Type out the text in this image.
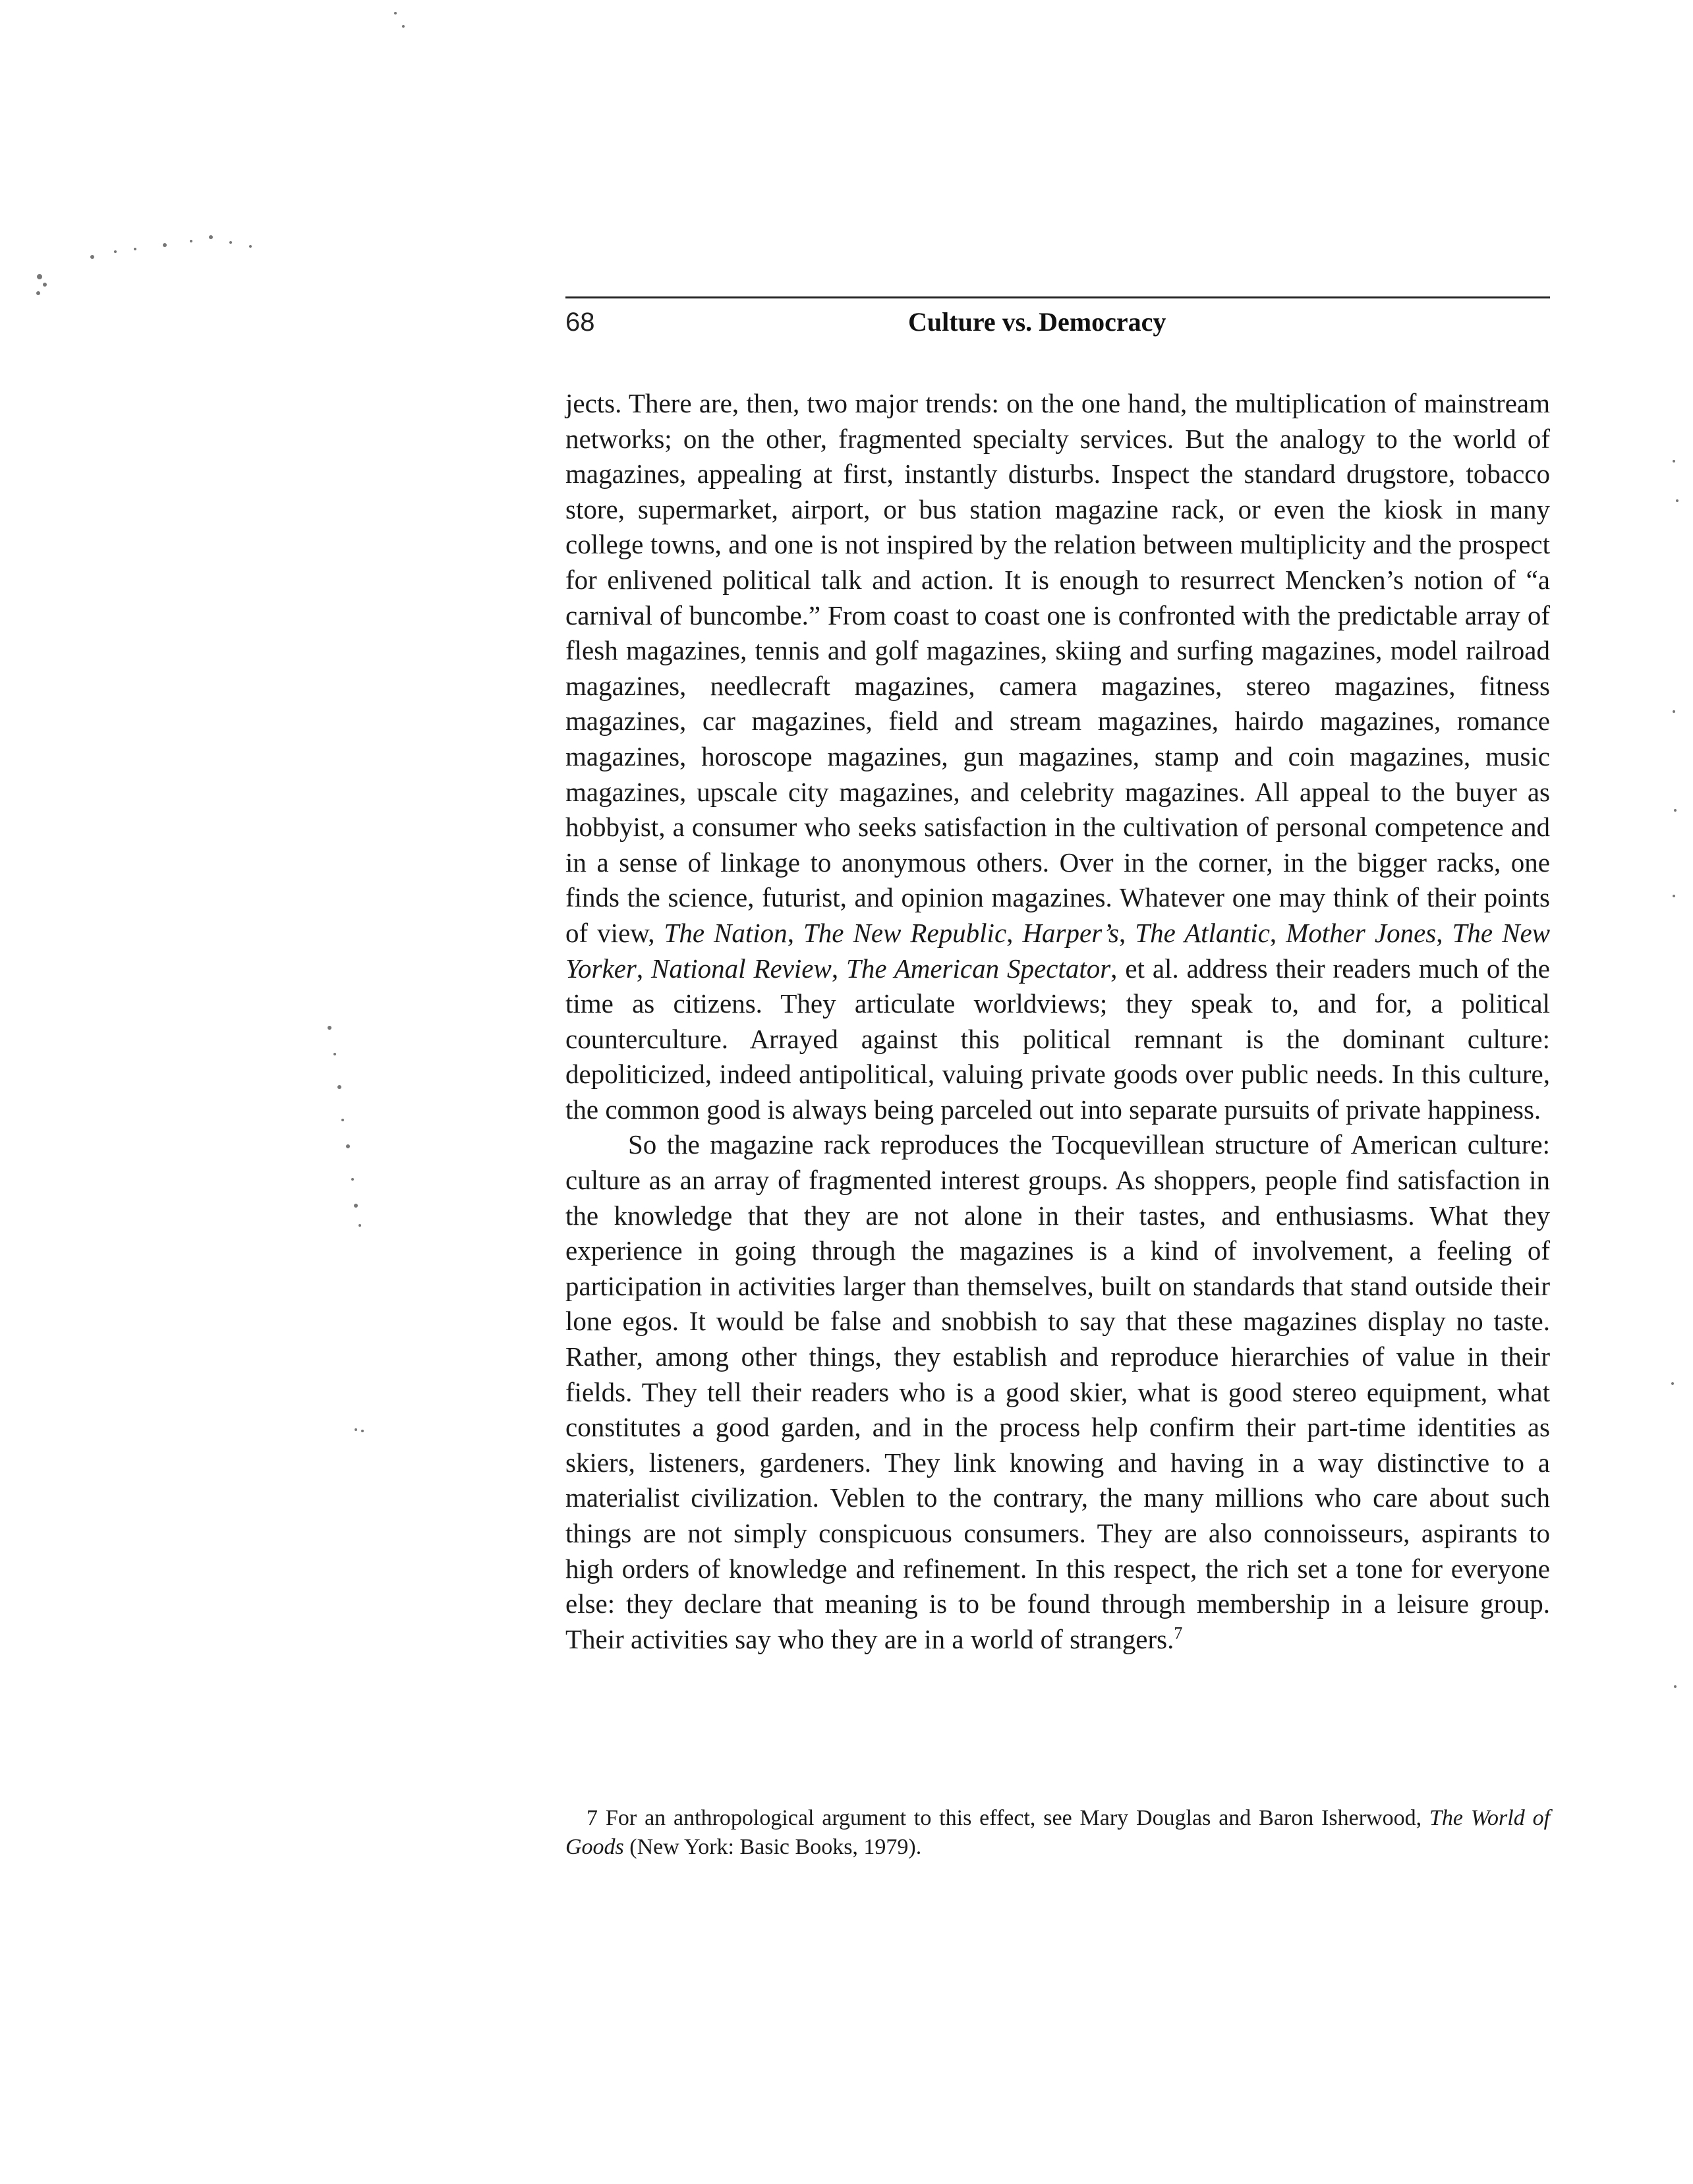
68	Culture vs. Democracy

jects. There are, then, two major trends: on the one hand, the multiplication of mainstream networks; on the other, fragmented specialty services. But the analogy to the world of magazines, appealing at first, instantly disturbs. Inspect the standard drugstore, tobacco store, supermarket, airport, or bus station magazine rack, or even the kiosk in many college towns, and one is not inspired by the relation between multiplicity and the prospect for enlivened political talk and action. It is enough to resurrect Mencken’s notion of “a carnival of buncombe.” From coast to coast one is confronted with the predictable array of flesh magazines, tennis and golf magazines, skiing and surfing magazines, model railroad magazines, needlecraft magazines, camera magazines, stereo magazines, fitness magazines, car magazines, field and stream magazines, hairdo magazines, romance magazines, horoscope magazines, gun magazines, stamp and coin magazines, music magazines, upscale city magazines, and celebrity magazines. All appeal to the buyer as hobbyist, a consumer who seeks satisfaction in the cultivation of personal competence and in a sense of linkage to anonymous others. Over in the corner, in the bigger racks, one finds the science, futurist, and opinion magazines. Whatever one may think of their points of view, The Nation, The New Republic, Harper’s, The Atlantic, Mother Jones, The New Yorker, National Review, The American Spectator, et al. address their readers much of the time as citizens. They articulate worldviews; they speak to, and for, a political counterculture. Arrayed against this political remnant is the dominant culture: depoliticized, indeed antipolitical, valuing private goods over public needs. In this culture, the common good is always being parceled out into separate pursuits of private happiness.

So the magazine rack reproduces the Tocquevillean structure of American culture: culture as an array of fragmented interest groups. As shoppers, people find satisfaction in the knowledge that they are not alone in their tastes, and enthusiasms. What they experience in going through the magazines is a kind of involvement, a feeling of participation in activities larger than themselves, built on standards that stand outside their lone egos. It would be false and snobbish to say that these magazines display no taste. Rather, among other things, they establish and reproduce hierarchies of value in their fields. They tell their readers who is a good skier, what is good stereo equipment, what constitutes a good garden, and in the process help confirm their part-time identities as skiers, listeners, gardeners. They link knowing and having in a way distinctive to a materialist civilization. Veblen to the contrary, the many millions who care about such things are not simply conspicuous consumers. They are also connoisseurs, aspirants to high orders of knowledge and refinement. In this respect, the rich set a tone for everyone else: they declare that meaning is to be found through membership in a leisure group. Their activities say who they are in a world of strangers.$^7$

7 For an anthropological argument to this effect, see Mary Douglas and Baron Isherwood, The World of Goods (New York: Basic Books, 1979).
